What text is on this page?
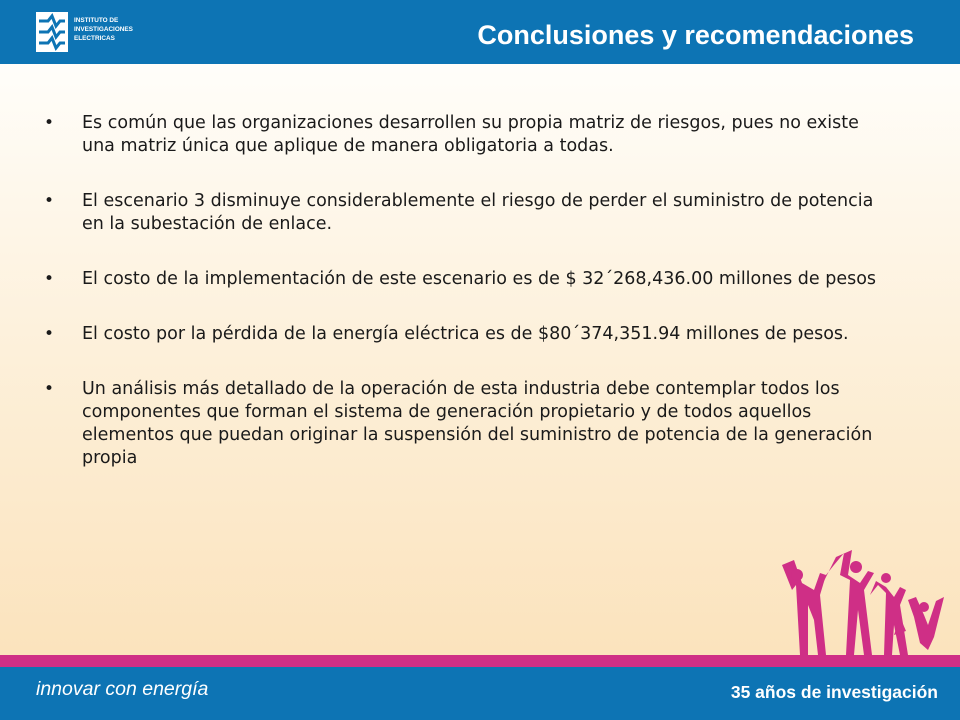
INSTITUTO DE
INVESTIGACIONES
ELECTRICAS	Conclusiones y recomendaciones
• Es común que las organizaciones desarrollen su propia matriz de riesgos, pues no existe una matriz única que aplique de manera obligatoria a todas.
• El escenario 3 disminuye considerablemente el riesgo de perder el suministro de potencia en la subestación de enlace.
• El costo de la implementación de este escenario es de $ 32´268,436.00 millones de pesos
• El costo por la pérdida de la energía eléctrica es de $80´374,351.94 millones de pesos.
• Un análisis más detallado de la operación de esta industria debe contemplar todos los componentes que forman el sistema de generación propietario y de todos aquellos elementos que puedan originar la suspensión del suministro de potencia de la generación propia
innovar con energía	35 años de investigación
